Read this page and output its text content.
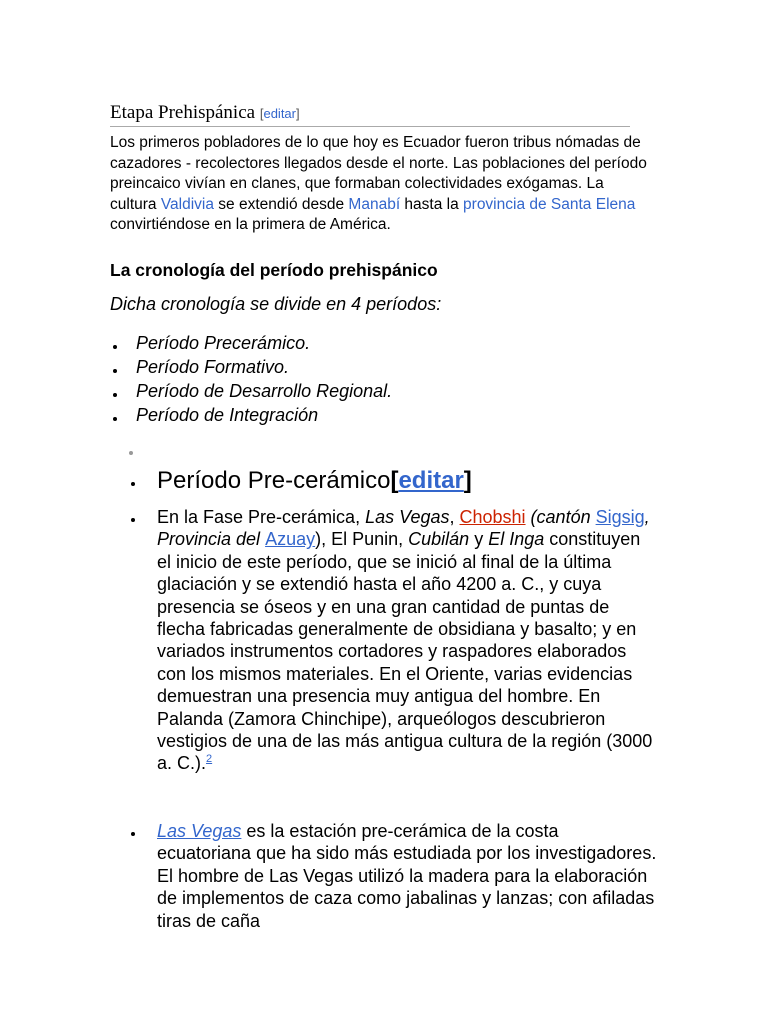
Etapa Prehispánica [editar]
Los primeros pobladores de lo que hoy es Ecuador fueron tribus nómadas de cazadores - recolectores llegados desde el norte. Las poblaciones del período preincaico vivían en clanes, que formaban colectividades exógamas. La cultura Valdivia se extendió desde Manabí hasta la provincia de Santa Elena convirtiéndose en la primera de América.
La cronología del período prehispánico
Dicha cronología se divide en 4 períodos:
Período Precerámico.
Período Formativo.
Período de Desarrollo Regional.
Período de Integración
Período Pre-cerámico[editar]
En la Fase Pre-cerámica, Las Vegas, Chobshi (cantón Sigsig, Provincia del Azuay), El Punin, Cubilán y El Inga constituyen el inicio de este período, que se inició al final de la última glaciación y se extendió hasta el año 4200 a. C., y cuya presencia se óseos y en una gran cantidad de puntas de flecha fabricadas generalmente de obsidiana y basalto; y en variados instrumentos cortadores y raspadores elaborados con los mismos materiales. En el Oriente, varias evidencias demuestran una presencia muy antigua del hombre. En Palanda (Zamora Chinchipe), arqueólogos descubrieron vestigios de una de las más antigua cultura de la región (3000 a. C.).$^2$
Las Vegas es la estación pre-cerámica de la costa ecuatoriana que ha sido más estudiada por los investigadores. El hombre de Las Vegas utilizó la madera para la elaboración de implementos de caza como jabalinas y lanzas; con afiladas tiras de caña
